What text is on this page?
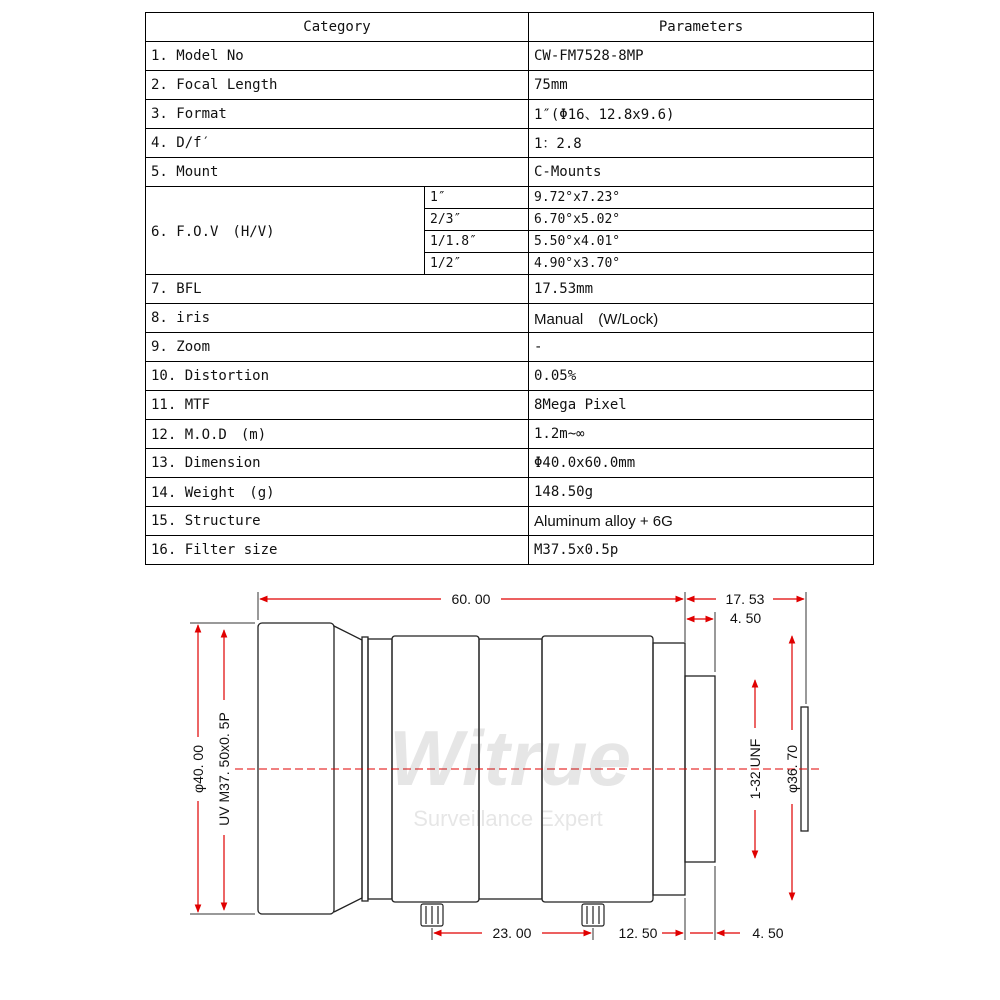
Category		Parameters
1. Model No		CW-FM7528-8MP
2. Focal Length		75mm
3. Format		1″(Φ16、12.8x9.6)
4. D/f′		1：2.8
5. Mount		C-Mounts
6. F.O.V　(H/V)	1″	9.72°x7.23°
	2/3″	6.70°x5.02°
	1/1.8″	5.50°x4.01°
	1/2″	4.90°x3.70°
7. BFL		17.53mm
8. iris		Manual　(W/Lock)
9. Zoom		-
10. Distortion		0.05%
11. MTF		8Mega Pixel
12. M.O.D　(m)		1.2m~∞
13. Dimension		Φ40.0x60.0mm
14. Weight　(g)		148.50g
15. Structure		Aluminum alloy + 6G
16. Filter size		M37.5x0.5p
60. 00	17. 53
4. 50
φ40. 00 UV M37. 50x0. 5P	1-32 UNF φ36. 70
23. 00	12. 50	4. 50
Witrue
Surveillance Expert
